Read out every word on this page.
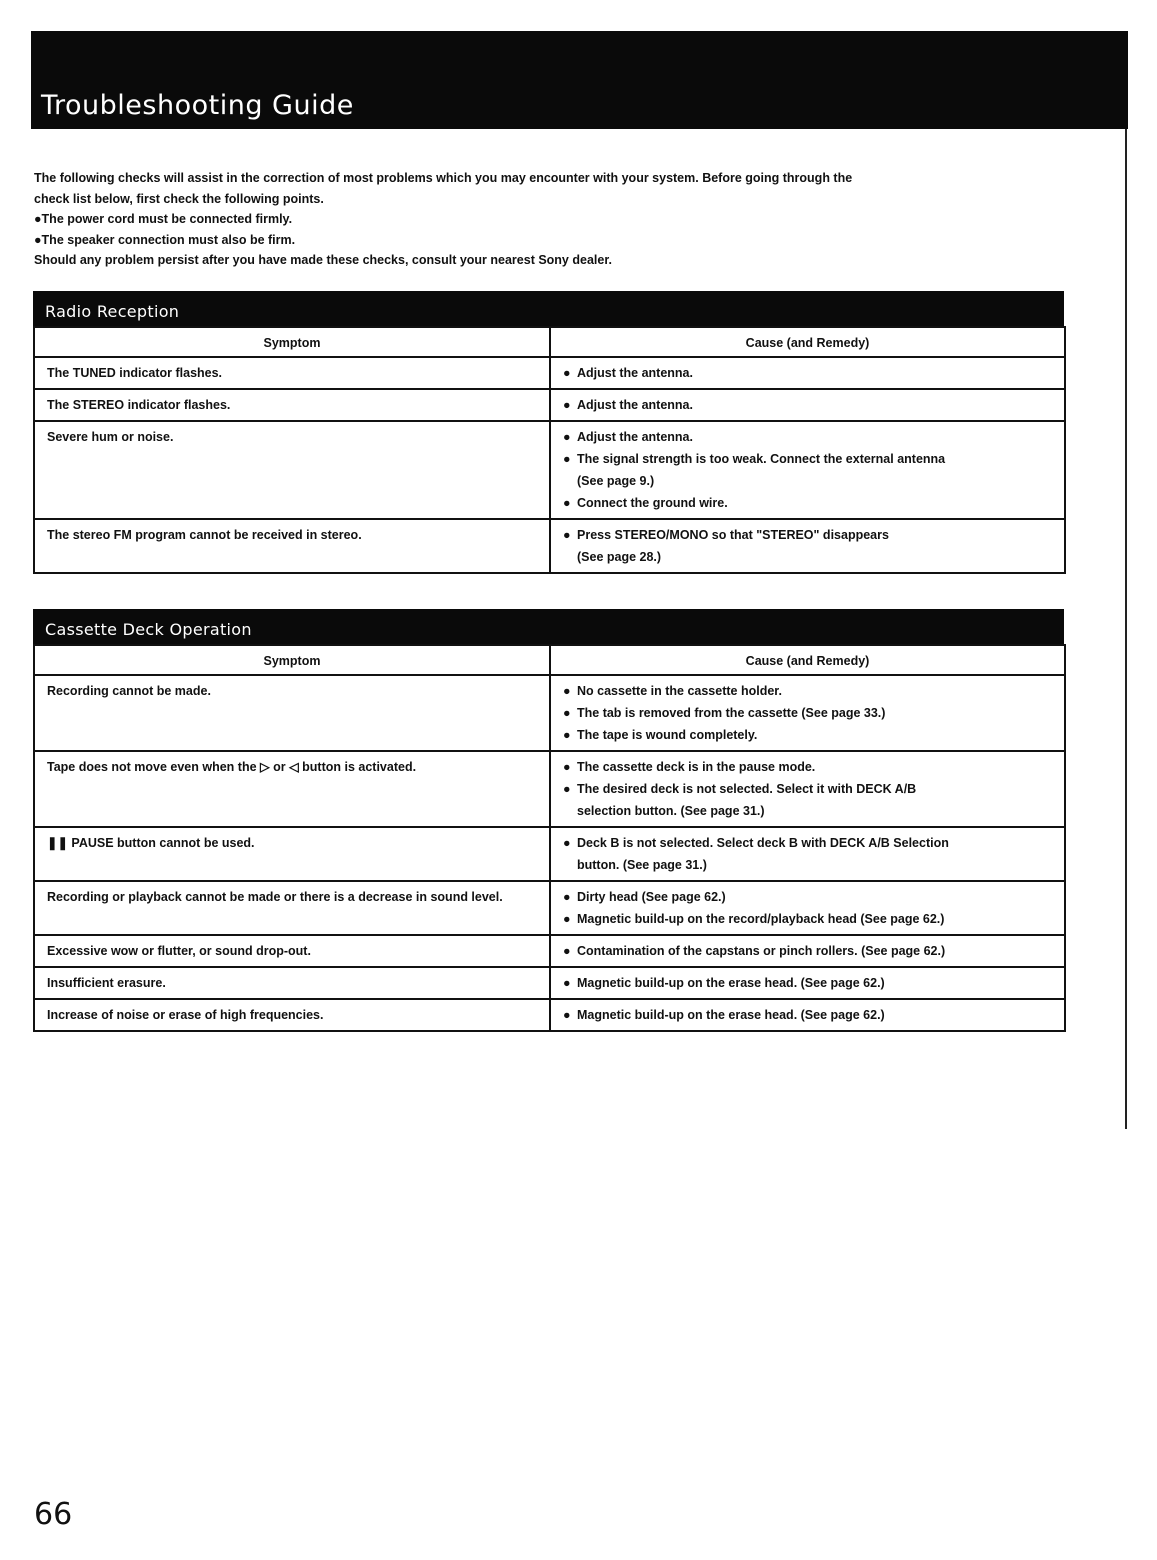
Troubleshooting Guide

The following checks will assist in the correction of most problems which you may encounter with your system. Before going through the

check list below, first check the following points.

●The power cord must be connected firmly.

●The speaker connection must also be firm.

Should any problem persist after you have made these checks, consult your nearest Sony dealer.

Radio Reception
Symptom	Cause (and Remedy)
The TUNED indicator flashes.	● Adjust the antenna.

The STEREO indicator flashes.	● Adjust the antenna.

Severe hum or noise.	● Adjust the antenna.
● The signal strength is too weak. Connect the external antenna
(See page 9.)
● Connect the ground wire.

The stereo FM program cannot be received in stereo.	● Press STEREO/MONO so that "STEREO" disappears
(See page 28.)
Cassette Deck Operation
Symptom	Cause (and Remedy)
Recording cannot be made.	● No cassette in the cassette holder.
● The tab is removed from the cassette (See page 33.)
● The tape is wound completely.

Tape does not move even when the ▷ or ◁ button is activated.	● The cassette deck is in the pause mode.
● The desired deck is not selected. Select it with DECK A/B
selection button. (See page 31.)

❚❚ PAUSE button cannot be used.	● Deck B is not selected. Select deck B with DECK A/B Selection
button. (See page 31.)

Recording or playback cannot be made or there is a decrease in sound level.	● Dirty head (See page 62.)
● Magnetic build-up on the record/playback head (See page 62.)

Excessive wow or flutter, or sound drop-out.	● Contamination of the capstans or pinch rollers. (See page 62.)

Insufficient erasure.	● Magnetic build-up on the erase head. (See page 62.)

Increase of noise or erase of high frequencies.	● Magnetic build-up on the erase head. (See page 62.)
66
